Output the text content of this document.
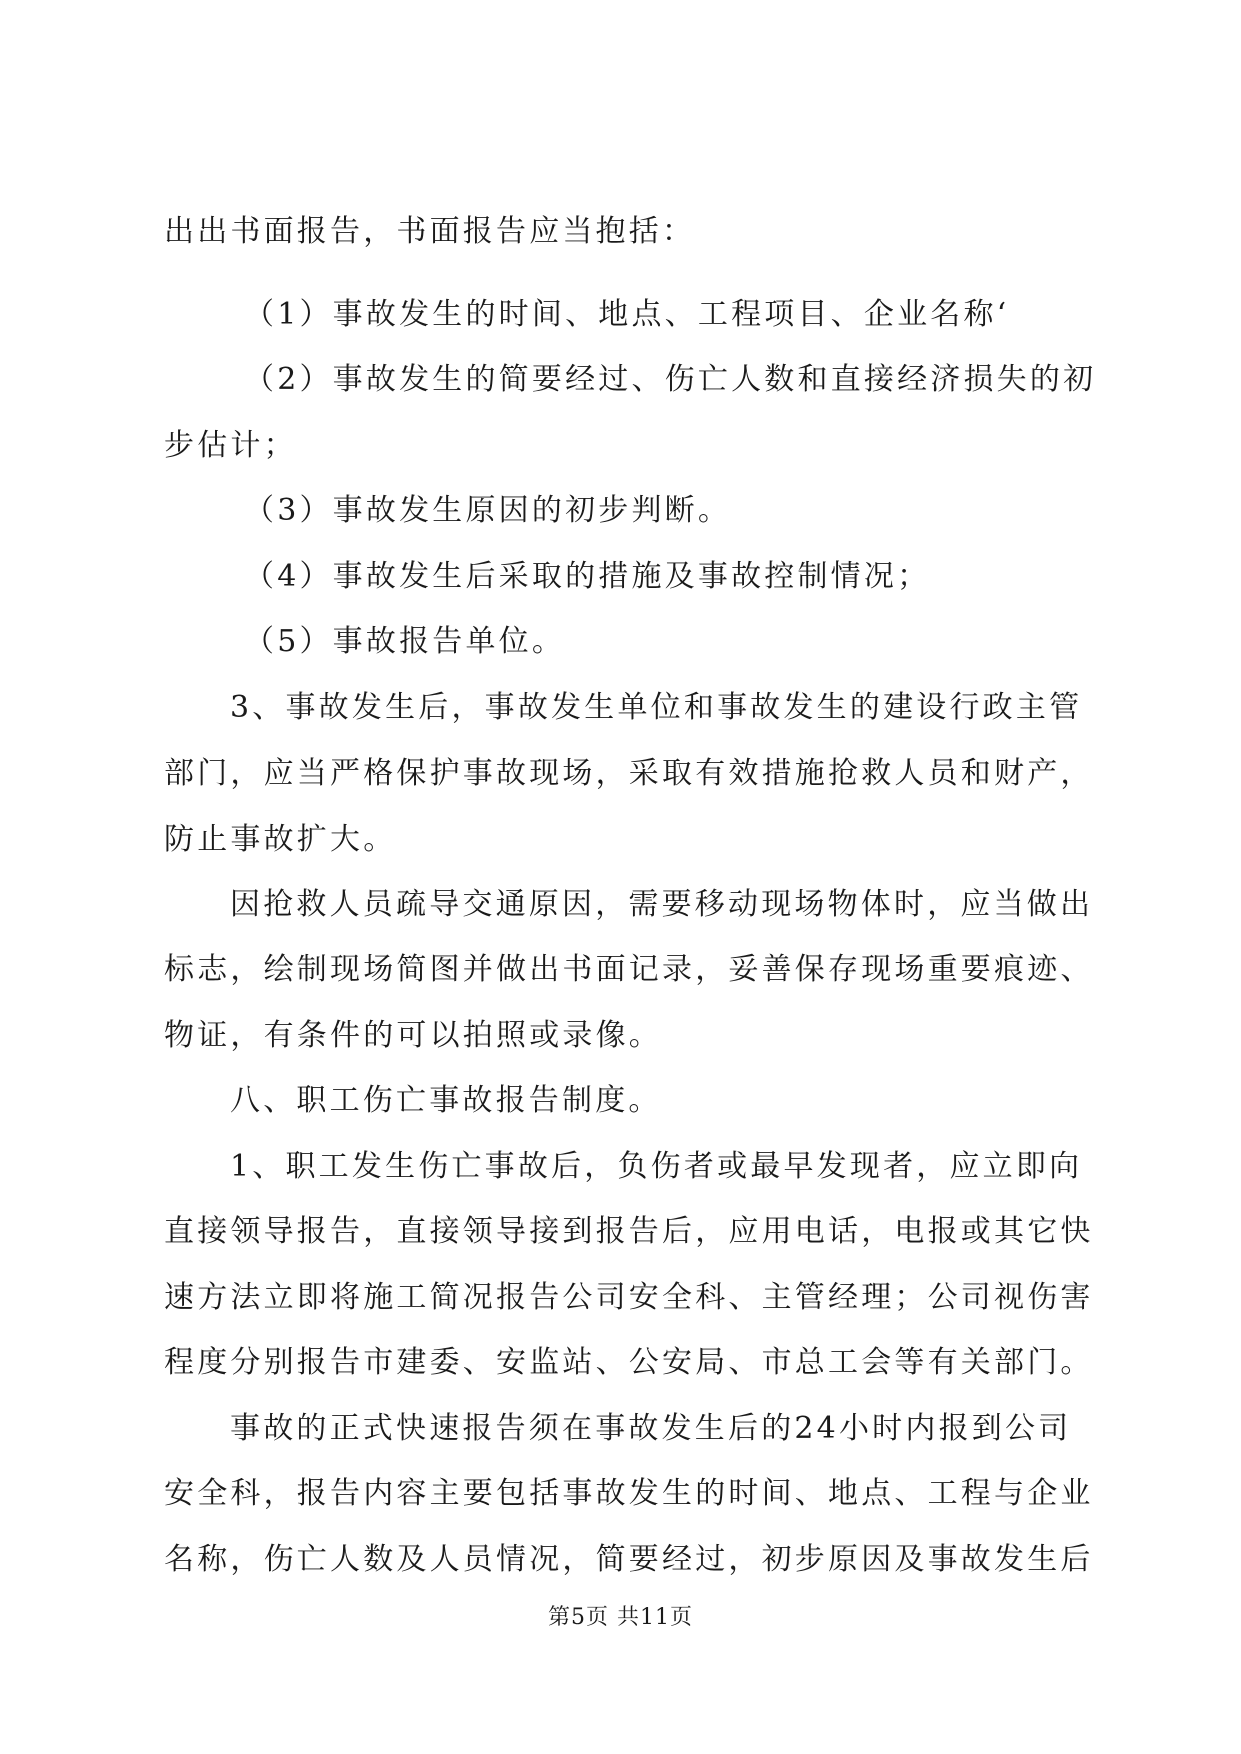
出出书面报告，书面报告应当抱括：
（1）事故发生的时间、地点、工程项目、企业名称‘
（2）事故发生的简要经过、伤亡人数和直接经济损失的初
步估计；
（3）事故发生原因的初步判断。
（4）事故发生后采取的措施及事故控制情况；
（5）事故报告单位。
3、事故发生后，事故发生单位和事故发生的建设行政主管
部门，应当严格保护事故现场，采取有效措施抢救人员和财产，
防止事故扩大。
因抢救人员疏导交通原因，需要移动现场物体时，应当做出
标志，绘制现场简图并做出书面记录，妥善保存现场重要痕迹、
物证，有条件的可以拍照或录像。
八、职工伤亡事故报告制度。
1、职工发生伤亡事故后，负伤者或最早发现者，应立即向
直接领导报告，直接领导接到报告后，应用电话，电报或其它快
速方法立即将施工简况报告公司安全科、主管经理；公司视伤害
程度分别报告市建委、安监站、公安局、市总工会等有关部门。
事故的正式快速报告须在事故发生后的24小时内报到公司
安全科，报告内容主要包括事故发生的时间、地点、工程与企业
名称，伤亡人数及人员情况，简要经过，初步原因及事故发生后
第5页 共11页
